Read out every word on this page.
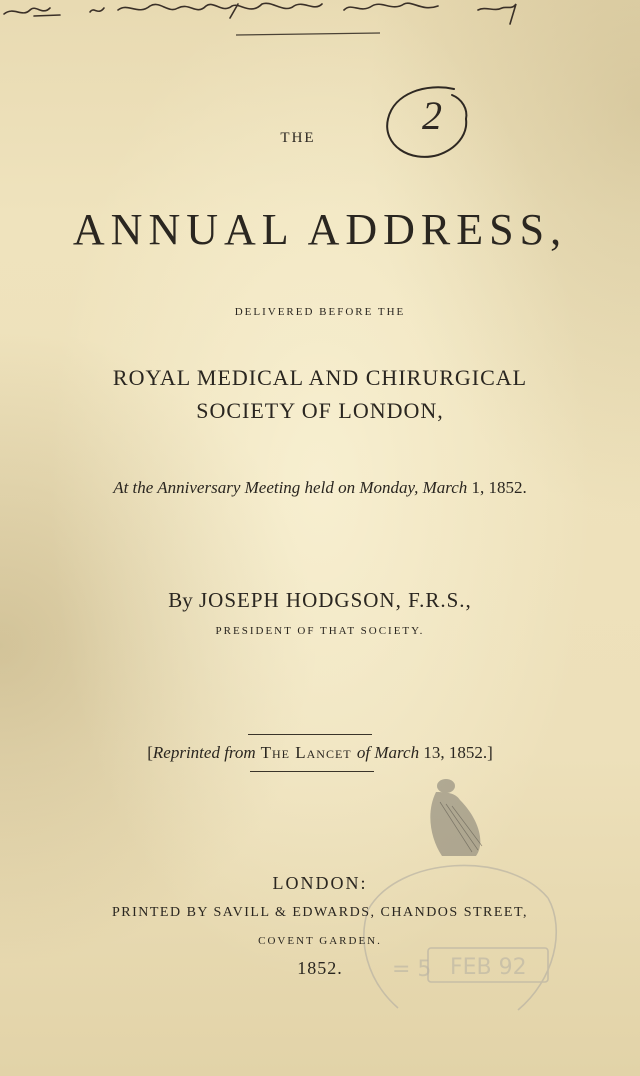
2
THE
ANNUAL ADDRESS,
DELIVERED BEFORE THE
ROYAL MEDICAL AND CHIRURGICAL
SOCIETY OF LONDON,
At the Anniversary Meeting held on Monday, March 1, 1852.
By JOSEPH HODGSON, F.R.S.,
PRESIDENT OF THAT SOCIETY.
[Reprinted from The Lancet of March 13, 1852.]
= 5 FEB 92
LONDON:
PRINTED BY SAVILL & EDWARDS, CHANDOS STREET,
COVENT GARDEN.
1852.
